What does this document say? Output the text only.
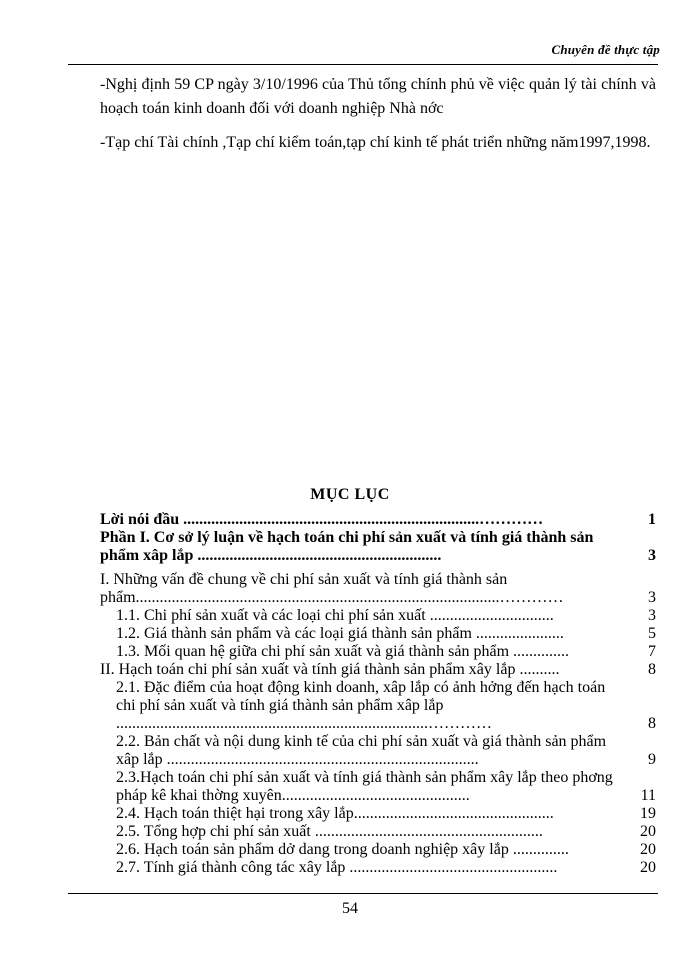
Chuyên đề thực tập
-Nghị định 59 CP ngày 3/10/1996 của Thủ tổng chính phủ về việc quản lý tài chính và hoạch toán kinh doanh đối với doanh nghiệp Nhà nớc
-Tạp chí Tài chính ,Tạp chí kiểm toán,tạp chí kinh tế phát triển những năm1997,1998.
MỤC LỤC
Lời nói đầu ..........................................................................…………	1
Phần I. Cơ sở lý luận về hạch toán chi phí sản xuất và tính giá thành sản phẩm xâp lắp .............................................................	3
I. Những vấn đề chung về chi phí sản xuất và tính giá thành sản phẩm...........................................................................................…………	3
1.1. Chi phí sản xuất và các loại chi phí sản xuất ...............................	3
1.2. Giá thành sản phẩm và các loại giá thành sản phẩm ......................	5
1.3. Mối quan hệ giữa chi phí sản xuất và giá thành sản phẩm ..............	7
II. Hạch toán chi phí sản xuất và tính giá thành sản phẩm xây lắp ..........	8
2.1. Đặc điểm của hoạt động kinh doanh, xâp lắp có ảnh hởng đến hạch toán chi phí sản xuất và tính giá thành sản phẩm xâp lắp ..............................................................................…………	8
2.2. Bản chất và nội dung kinh tế của chi phí sản xuất và giá thành sản phẩm xâp lắp ..............................................................................	9
2.3.Hạch toán chi phí sản xuất và tính giá thành sản phẩm xây lắp theo phơng pháp kê khai thờng xuyên...............................................	11
2.4. Hạch toán thiệt hại trong xây lắp..................................................	19
2.5. Tổng hợp chi phí sản xuất .........................................................	20
2.6. Hạch toán sản phẩm dở dang trong doanh nghiệp xây lắp ..............	20
2.7. Tính giá thành công tác xây lắp ....................................................	20
54
